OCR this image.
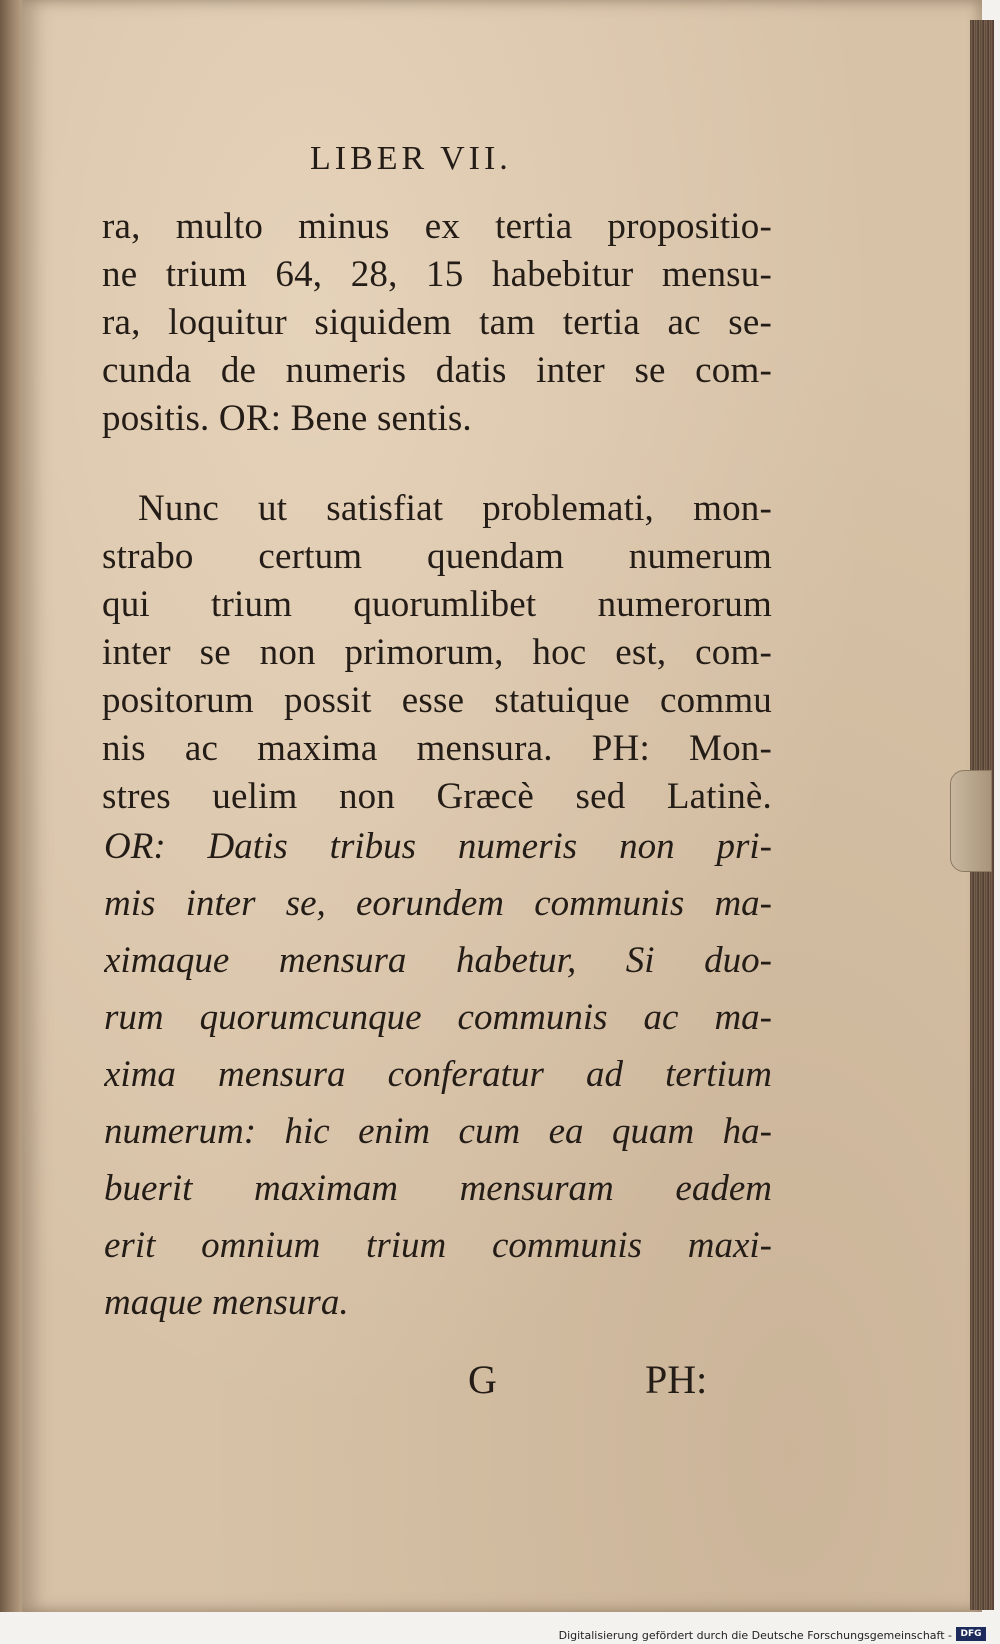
LIBER VII.
ra, multo minus ex tertia propositio-
ne trium 64, 28, 15 habebitur mensu-
ra, loquitur siquidem tam tertia ac se-
cunda de numeris datis inter se com-
positis. OR: Bene sentis.
Nunc ut satisfiat problemati, mon-
strabo certum quendam numerum
qui trium quorumlibet numerorum
inter se non primorum, hoc est, com-
positorum possit esse statuique commu
nis ac maxima mensura. PH: Mon-
stres uelim non Græcè sed Latinè.
OR: Datis tribus numeris non pri-
mis inter se, eorundem communis ma-
ximaque mensura habetur, Si duo-
rum quorumcunque communis ac ma-
xima mensura conferatur ad tertium
numerum: hic enim cum ea quam ha-
buerit maximam mensuram eadem
erit omnium trium communis maxi-
maque mensura.
G	PH:
Digitalisierung gefördert durch die Deutsche Forschungsgemeinschaft - DFG
